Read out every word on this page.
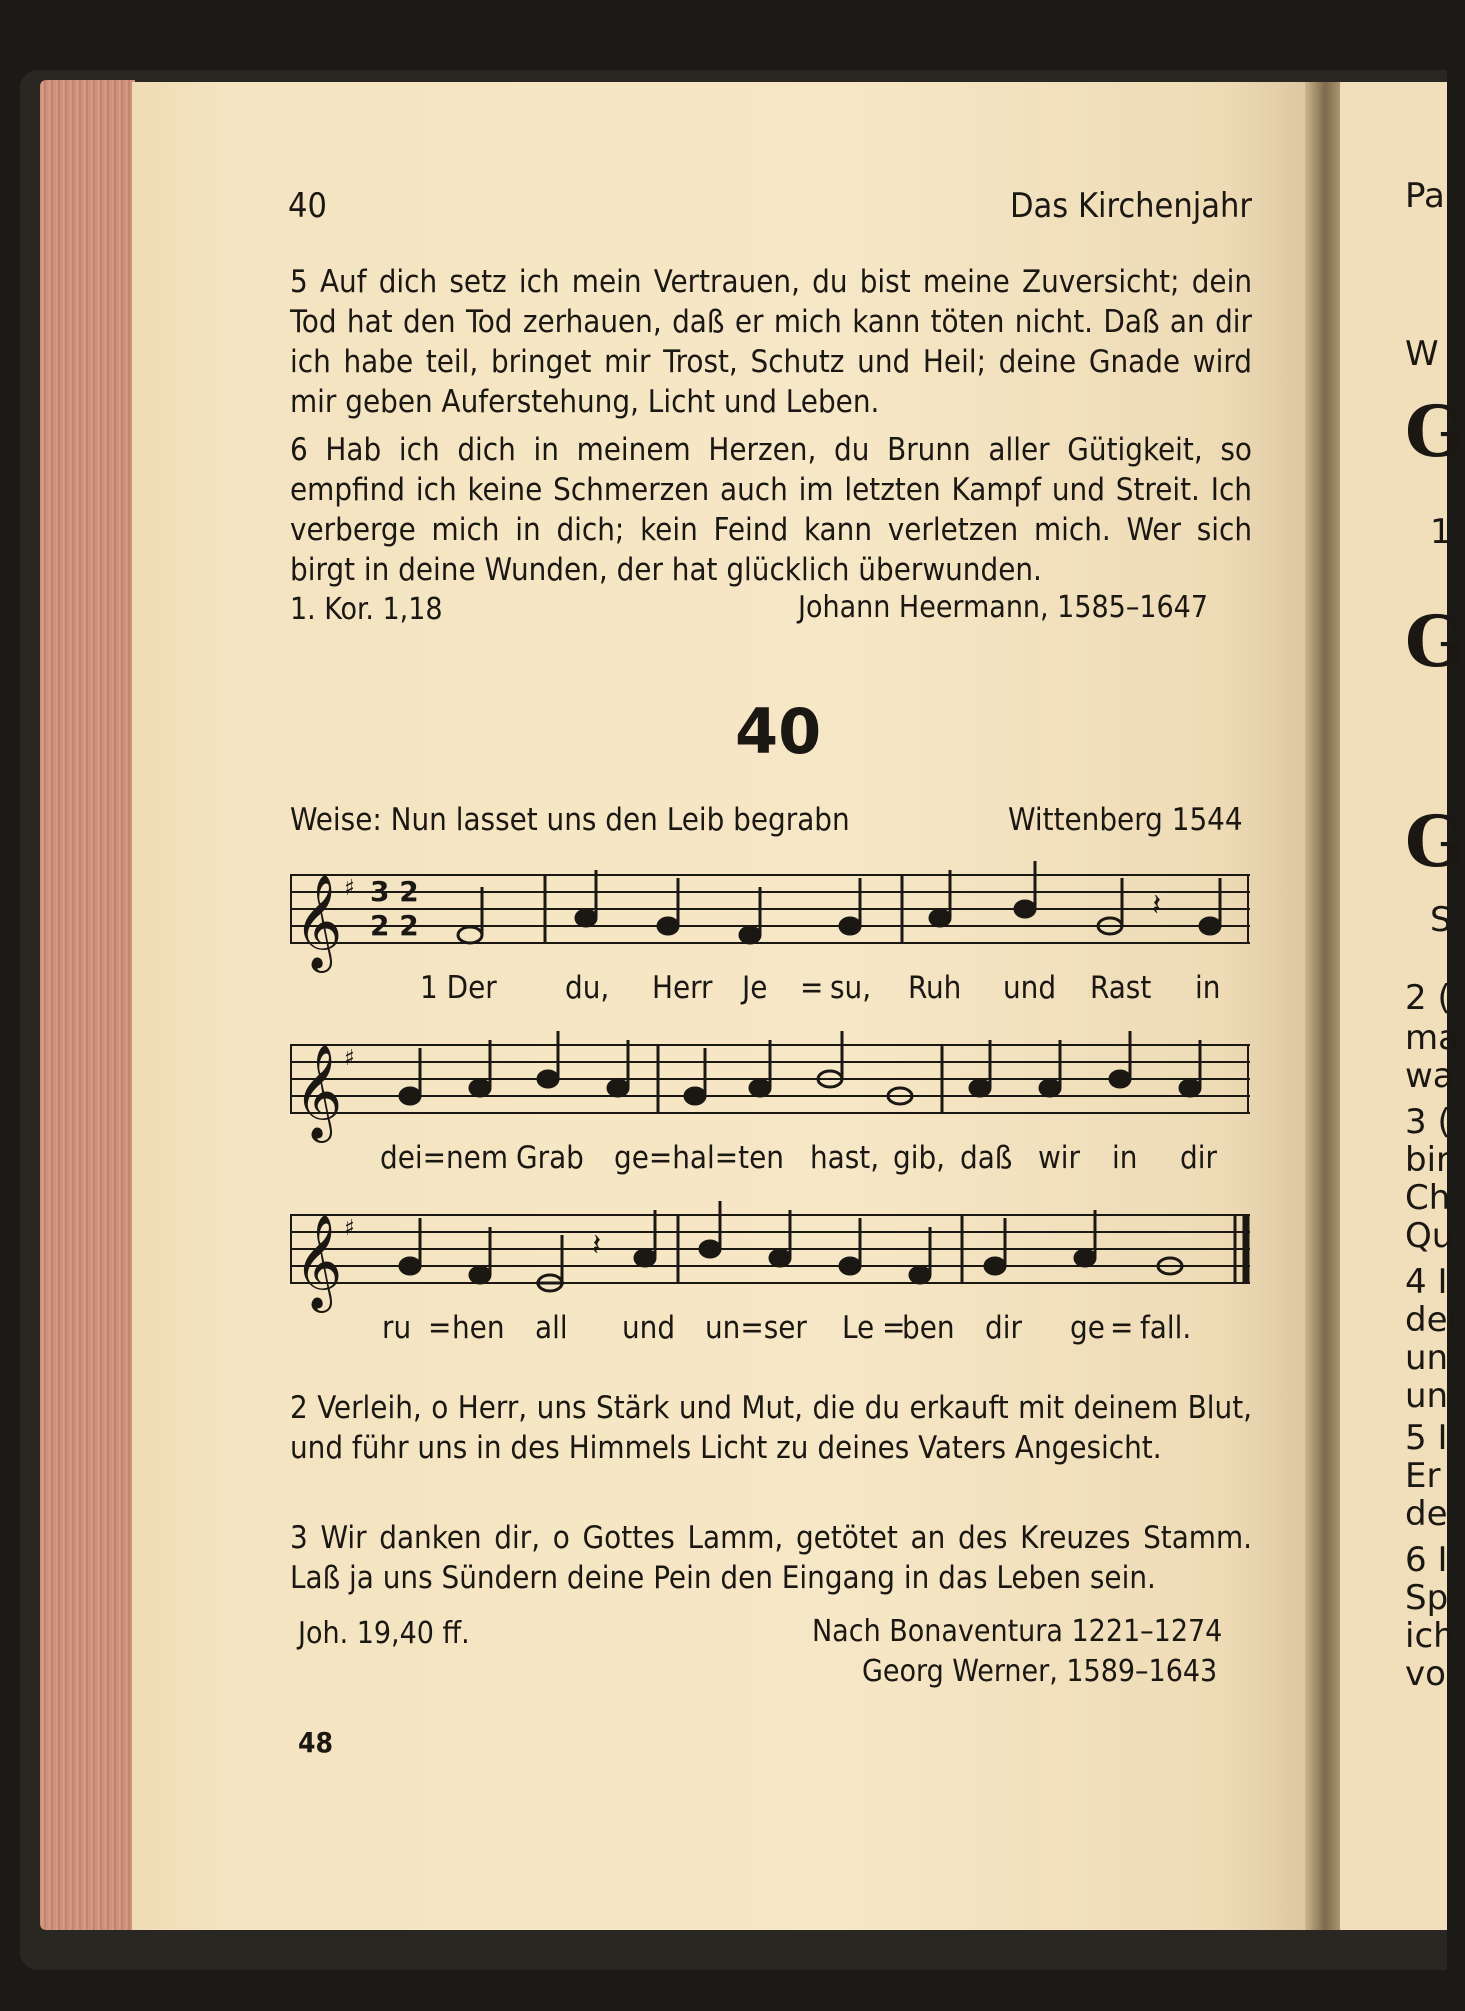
40	Das Kirchenjahr
5 Auf dich setz ich mein Vertrauen, du bist meine Zuversicht; dein Tod hat den Tod zerhauen, daß er mich kann töten nicht. Daß an dir ich habe teil, bringet mir Trost, Schutz und Heil; deine Gnade wird mir geben Auferstehung, Licht und Leben.
6 Hab ich dich in meinem Herzen, du Brunn aller Gütigkeit, so empfind ich keine Schmerzen auch im letzten Kampf und Streit. Ich verberge mich in dich; kein Feind kann verletzen mich. Wer sich birgt in deine Wunden, der hat glücklich überwunden.
1. Kor. 1,18	Johann Heermann, 1585–1647
40
Weise: Nun lasset uns den Leib begrabn	Wittenberg 1544
𝄞 ♯ 3 2
2 2
𝄽
1 Der du, Herr Je = su, Ruh und Rast in
𝄞 ♯
dei=nem Grab ge=hal=ten hast, gib, daß wir in dir
𝄞 ♯	𝄽
ru = hen all und un=ser Le =
ben dir ge = fall.
2 Verleih, o Herr, uns Stärk und Mut, die du erkauft mit deinem Blut, und führ uns in des Himmels Licht zu deines Vaters Angesicht.
3 Wir danken dir, o Gottes Lamm, getötet an des Kreuzes Stamm. Laß ja uns Sündern deine Pein den Eingang in das Leben sein.
Joh. 19,40 ff.	Nach Bonaventura 1221–1274
Georg Werner, 1589–1643
48
Pa
W
G
1
G
G
S
2 (
ma
wa
3 (
bir
Ch
Qu
4 I
dei
un
un
5 I
Er
de
6 I
Sp
ich
vo
